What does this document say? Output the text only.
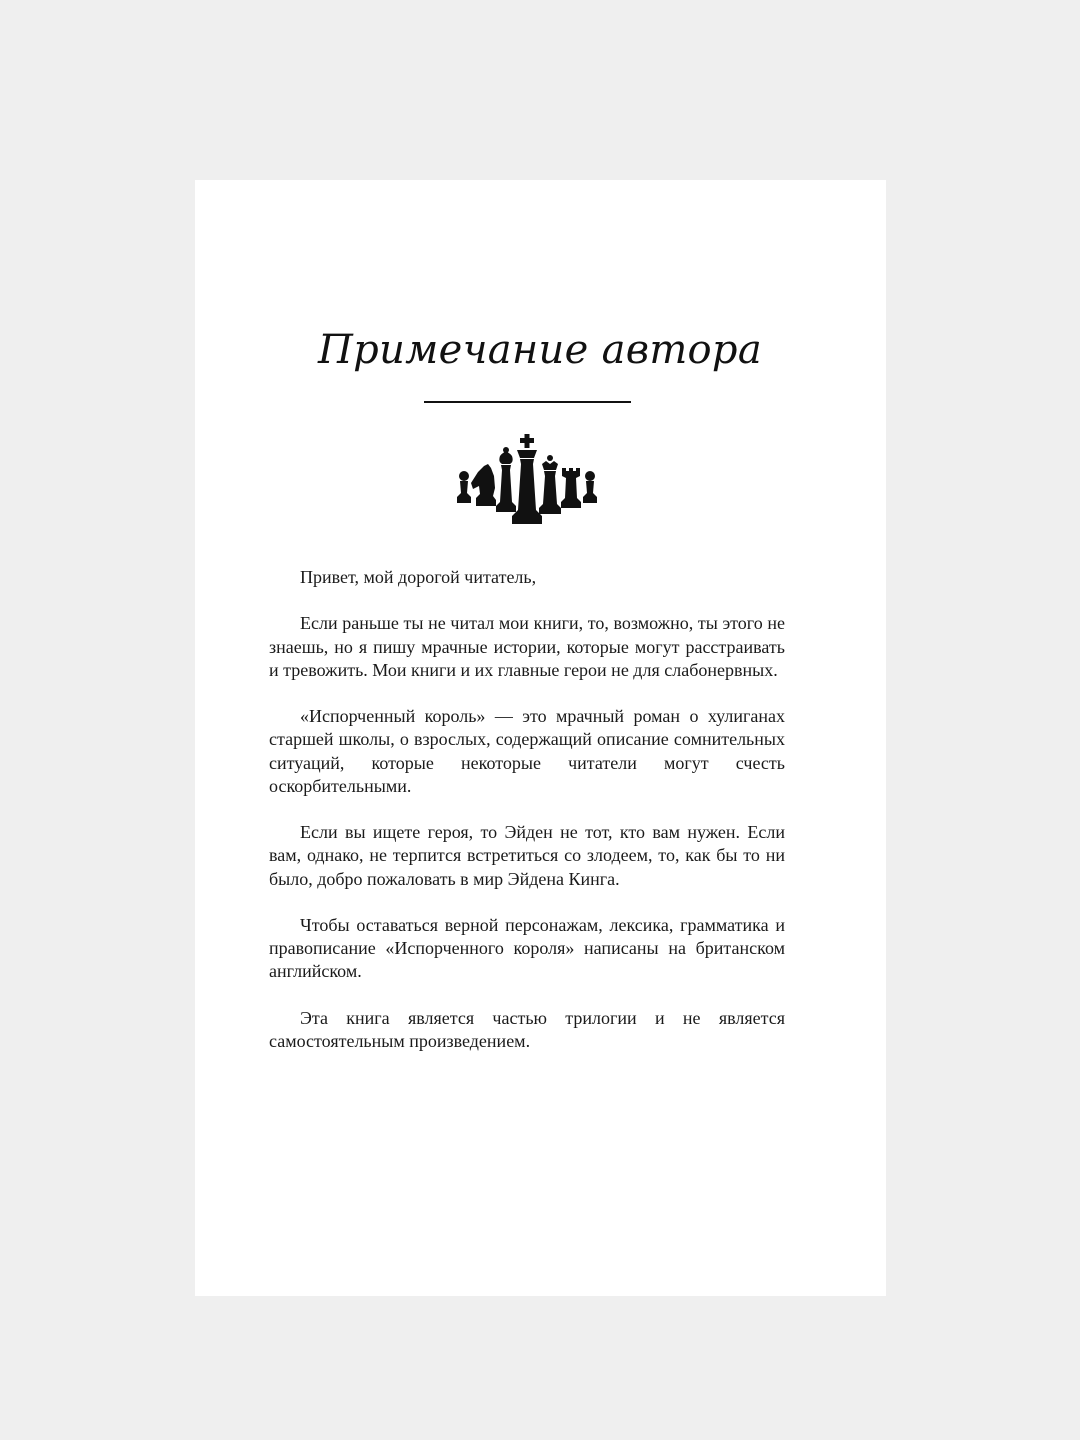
Примечание автора

Привет, мой дорогой читатель,

Если раньше ты не читал мои книги, то, возможно, ты этого не знаешь, но я пишу мрачные истории, которые могут расстраивать и тревожить. Мои книги и их главные герои не для слабонервных.

«Испорченный король» — это мрачный роман о хулиганах старшей школы, о взрослых, содержащий описание сомнительных ситуаций, которые некоторые читатели могут счесть оскорбительными.

Если вы ищете героя, то Эйден не тот, кто вам нужен. Если вам, однако, не терпится встретиться со злодеем, то, как бы то ни было, добро пожаловать в мир Эйдена Кинга.

Чтобы оставаться верной персонажам, лексика, грамматика и правописание «Испорченного короля» написаны на британском английском.

Эта книга является частью трилогии и не является самостоятельным произведением.
